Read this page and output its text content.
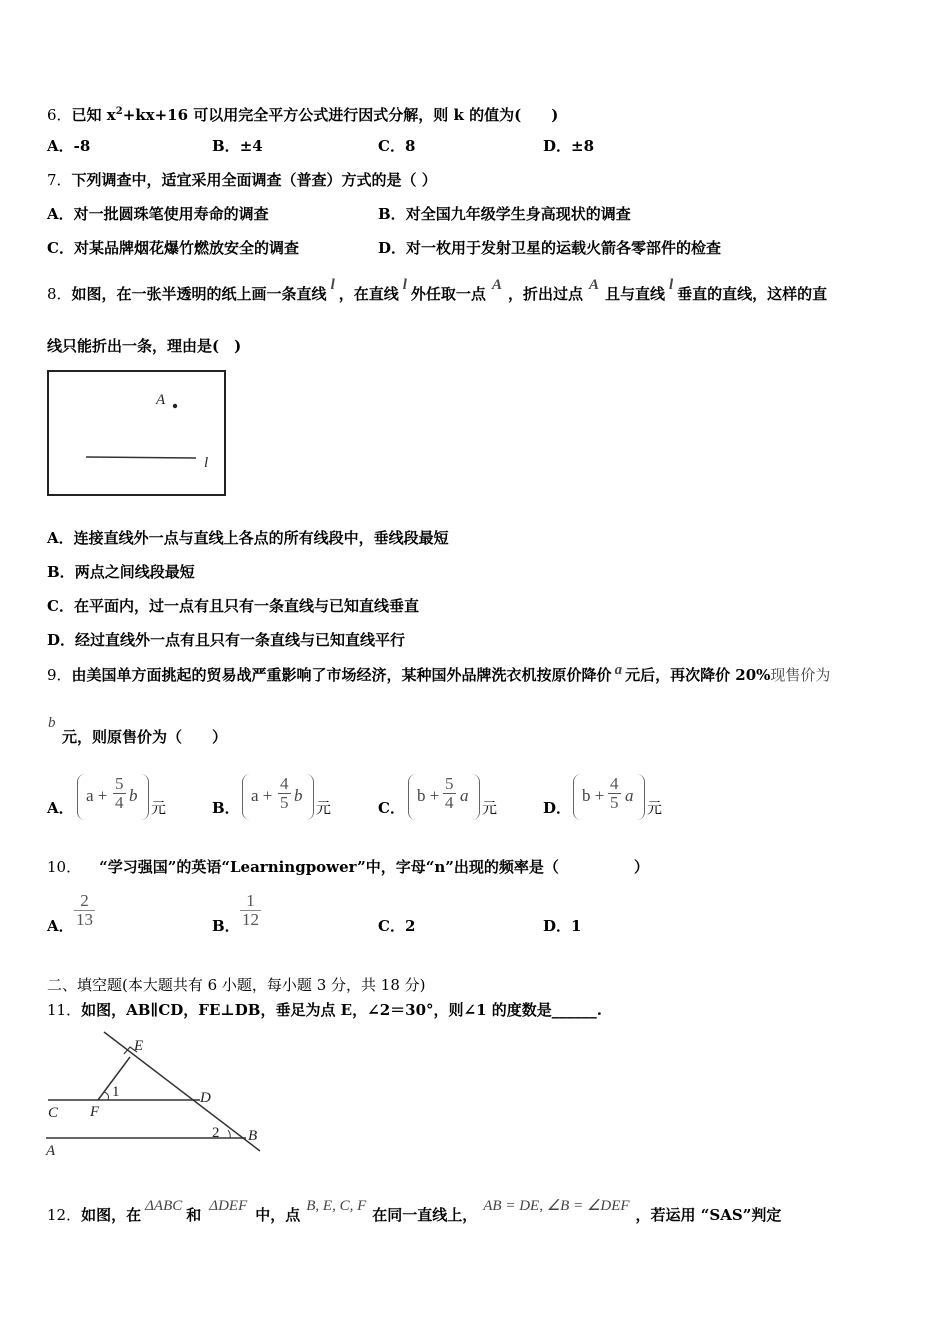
6．已知 $x^2+kx+16$ 可以用完全平方公式进行因式分解，则 k 的值为(　　)
A．-8	B．±4	C．8	D．±8
7．下列调查中，适宜采用全面调查（普查）方式的是（ ）
A．对一批圆珠笔使用寿命的调查	B．对全国九年级学生身高现状的调查
C．对某品牌烟花爆竹燃放安全的调查	D．对一枚用于发射卫星的运载火箭各零部件的检查
8．如图，在一张半透明的纸上画一条直线 l ，在直线 l 外任取一点 A ，折出过点 A 且与直线 l 垂直的直线，这样的直
线只能折出一条，理由是(　)
A
l
A．连接直线外一点与直线上各点的所有线段中，垂线段最短
B．两点之间线段最短
C．在平面内，过一点有且只有一条直线与已知直线垂直
D．经过直线外一点有且只有一条直线与已知直线平行
9．由美国单方面挑起的贸易战严重影响了市场经济，某种国外品牌洗衣机按原价降价 a 元后，再次降价 20%现售价为
b
元，则原售价为（　　）
A．
$a + \frac{5}{4}$ b
元	B．
$a + \frac{4}{5}$ b
元	C．
$b + \frac{5}{4}$ a
元	D．
$b + \frac{4}{5}$ a
元
10． “学习强国”的英语“Learningpower”中，字母“n”出现的频率是（　　　　　）
A． $\frac{2}{13}$	B． $\frac{1}{12}$	C．2	D．1
二、填空题(本大题共有 6 小题，每小题 3 分，共 18 分)
11．如图，AB∥CD，FE⊥DB，垂足为点 E，∠2＝30°，则∠1 的度数是______.
E
1	D
C F
2 B
A
12．如图，在 ΔABC 和 ΔDEF 中，点 B, E, C, F 在同一直线上， AB = DE, ∠B = ∠DEF ，若运用 “SAS”判定
